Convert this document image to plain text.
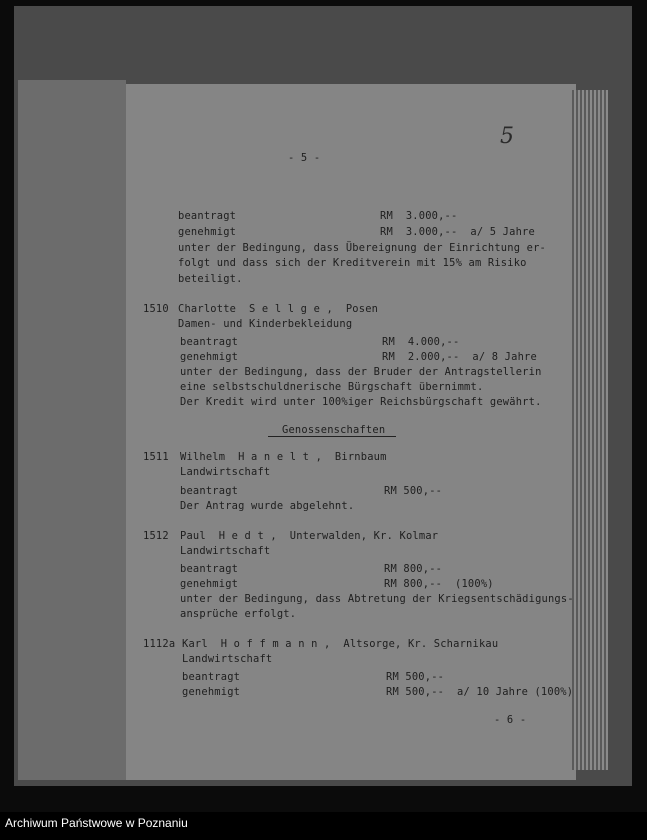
- 5 -
5
beantragt	RM  3.000,--
genehmigt	RM  3.000,--  a/ 5 Jahre
unter der Bedingung, dass Übereignung der Einrichtung er-
folgt und dass sich der Kreditverein mit 15% am Risiko
beteiligt.
1510 Charlotte  S e l l g e ,  Posen
Damen- und Kinderbekleidung
beantragt	RM  4.000,--
genehmigt	RM  2.000,--  a/ 8 Jahre
unter der Bedingung, dass der Bruder der Antragstellerin
eine selbstschuldnerische Bürgschaft übernimmt.
Der Kredit wird unter 100%iger Reichsbürgschaft gewährt.
Genossenschaften
1511 Wilhelm  H a n e l t ,  Birnbaum
Landwirtschaft
beantragt	RM 500,--
Der Antrag wurde abgelehnt.
1512 Paul  H e d t ,  Unterwalden, Kr. Kolmar
Landwirtschaft
beantragt	RM 800,--
genehmigt	RM 800,--  (100%)
unter der Bedingung, dass Abtretung der Kriegsentschädigungs-
ansprüche erfolgt.
1112a Karl  H o f f m a n n ,  Altsorge, Kr. Scharnikau
Landwirtschaft
beantragt	RM 500,--
genehmigt	RM 500,--  a/ 10 Jahre (100%)
- 6 -
Archiwum Państwowe w Poznaniu
